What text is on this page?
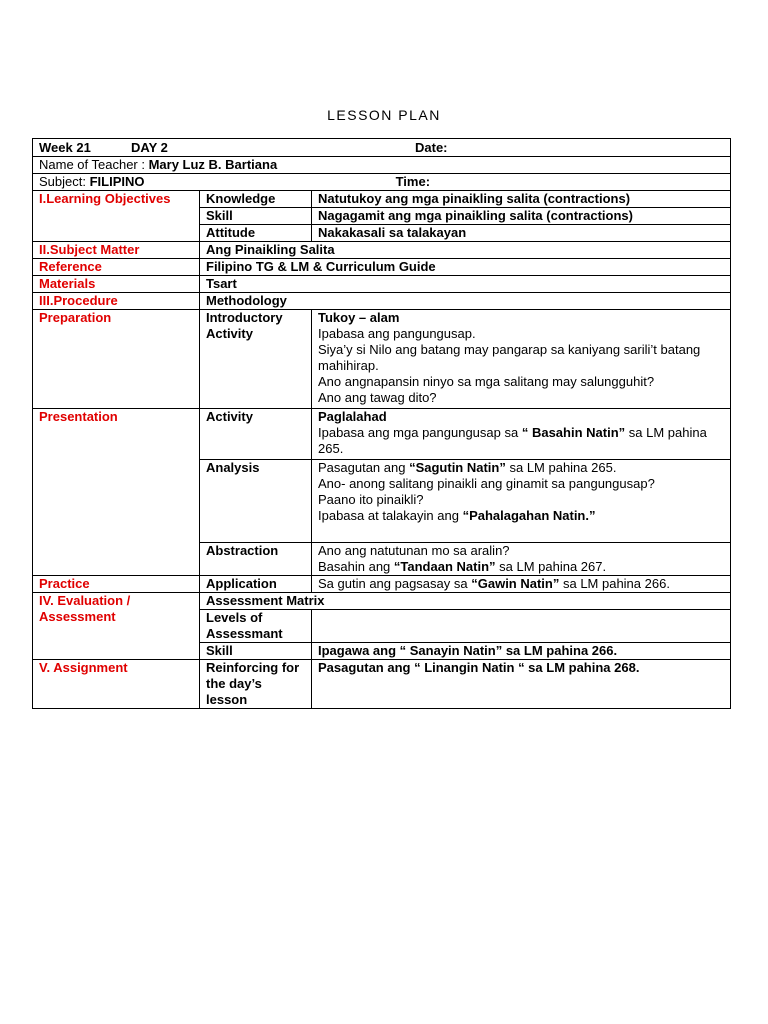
LESSON PLAN
Week 21 DAY 2 Date:		
Name of Teacher : Mary Luz B. Bartiana		
Subject: FILIPINO Time:		
I.Learning Objectives	Knowledge	Natutukoy ang mga pinaikling salita (contractions)
	Skill	Nagagamit ang mga pinaikling salita (contractions)
	Attitude	Nakakasali sa talakayan
II.Subject Matter	Ang Pinaikling Salita	
Reference	Filipino TG & LM & Curriculum Guide	
Materials	Tsart	
III.Procedure	Methodology	
Preparation	Introductory Activity	Tukoy – alam
Ipabasa ang pangungusap.
Siya’y si Nilo ang batang may pangarap sa kaniyang sarili’t batang mahihirap.
Ano angnapansin ninyo sa mga salitang may salungguhit?
Ano ang tawag dito?

Presentation	Activity	Paglalahad
Ipabasa ang mga pangungusap sa “ Basahin Natin” sa LM pahina 265.

	Analysis	Pasagutan ang “Sagutin Natin” sa LM pahina 265.
Ano- anong salitang pinaikli ang ginamit sa pangungusap?
Paano ito pinaikli?
Ipabasa at talakayin ang “Pahalagahan Natin.”

	Abstraction	Ano ang natutunan mo sa aralin?
Basahin ang “Tandaan Natin” sa LM pahina 267.

Practice	Application	Sa gutin ang pagsasay sa “Gawin Natin” sa LM pahina 266.
IV. Evaluation / Assessment	Assessment Matrix	
	Levels of Assessmant	
	Skill	Ipagawa ang “ Sanayin Natin” sa LM pahina 266.
V. Assignment	Reinforcing for the day’s lesson	Pasagutan ang “ Linangin Natin “ sa LM pahina 268.
